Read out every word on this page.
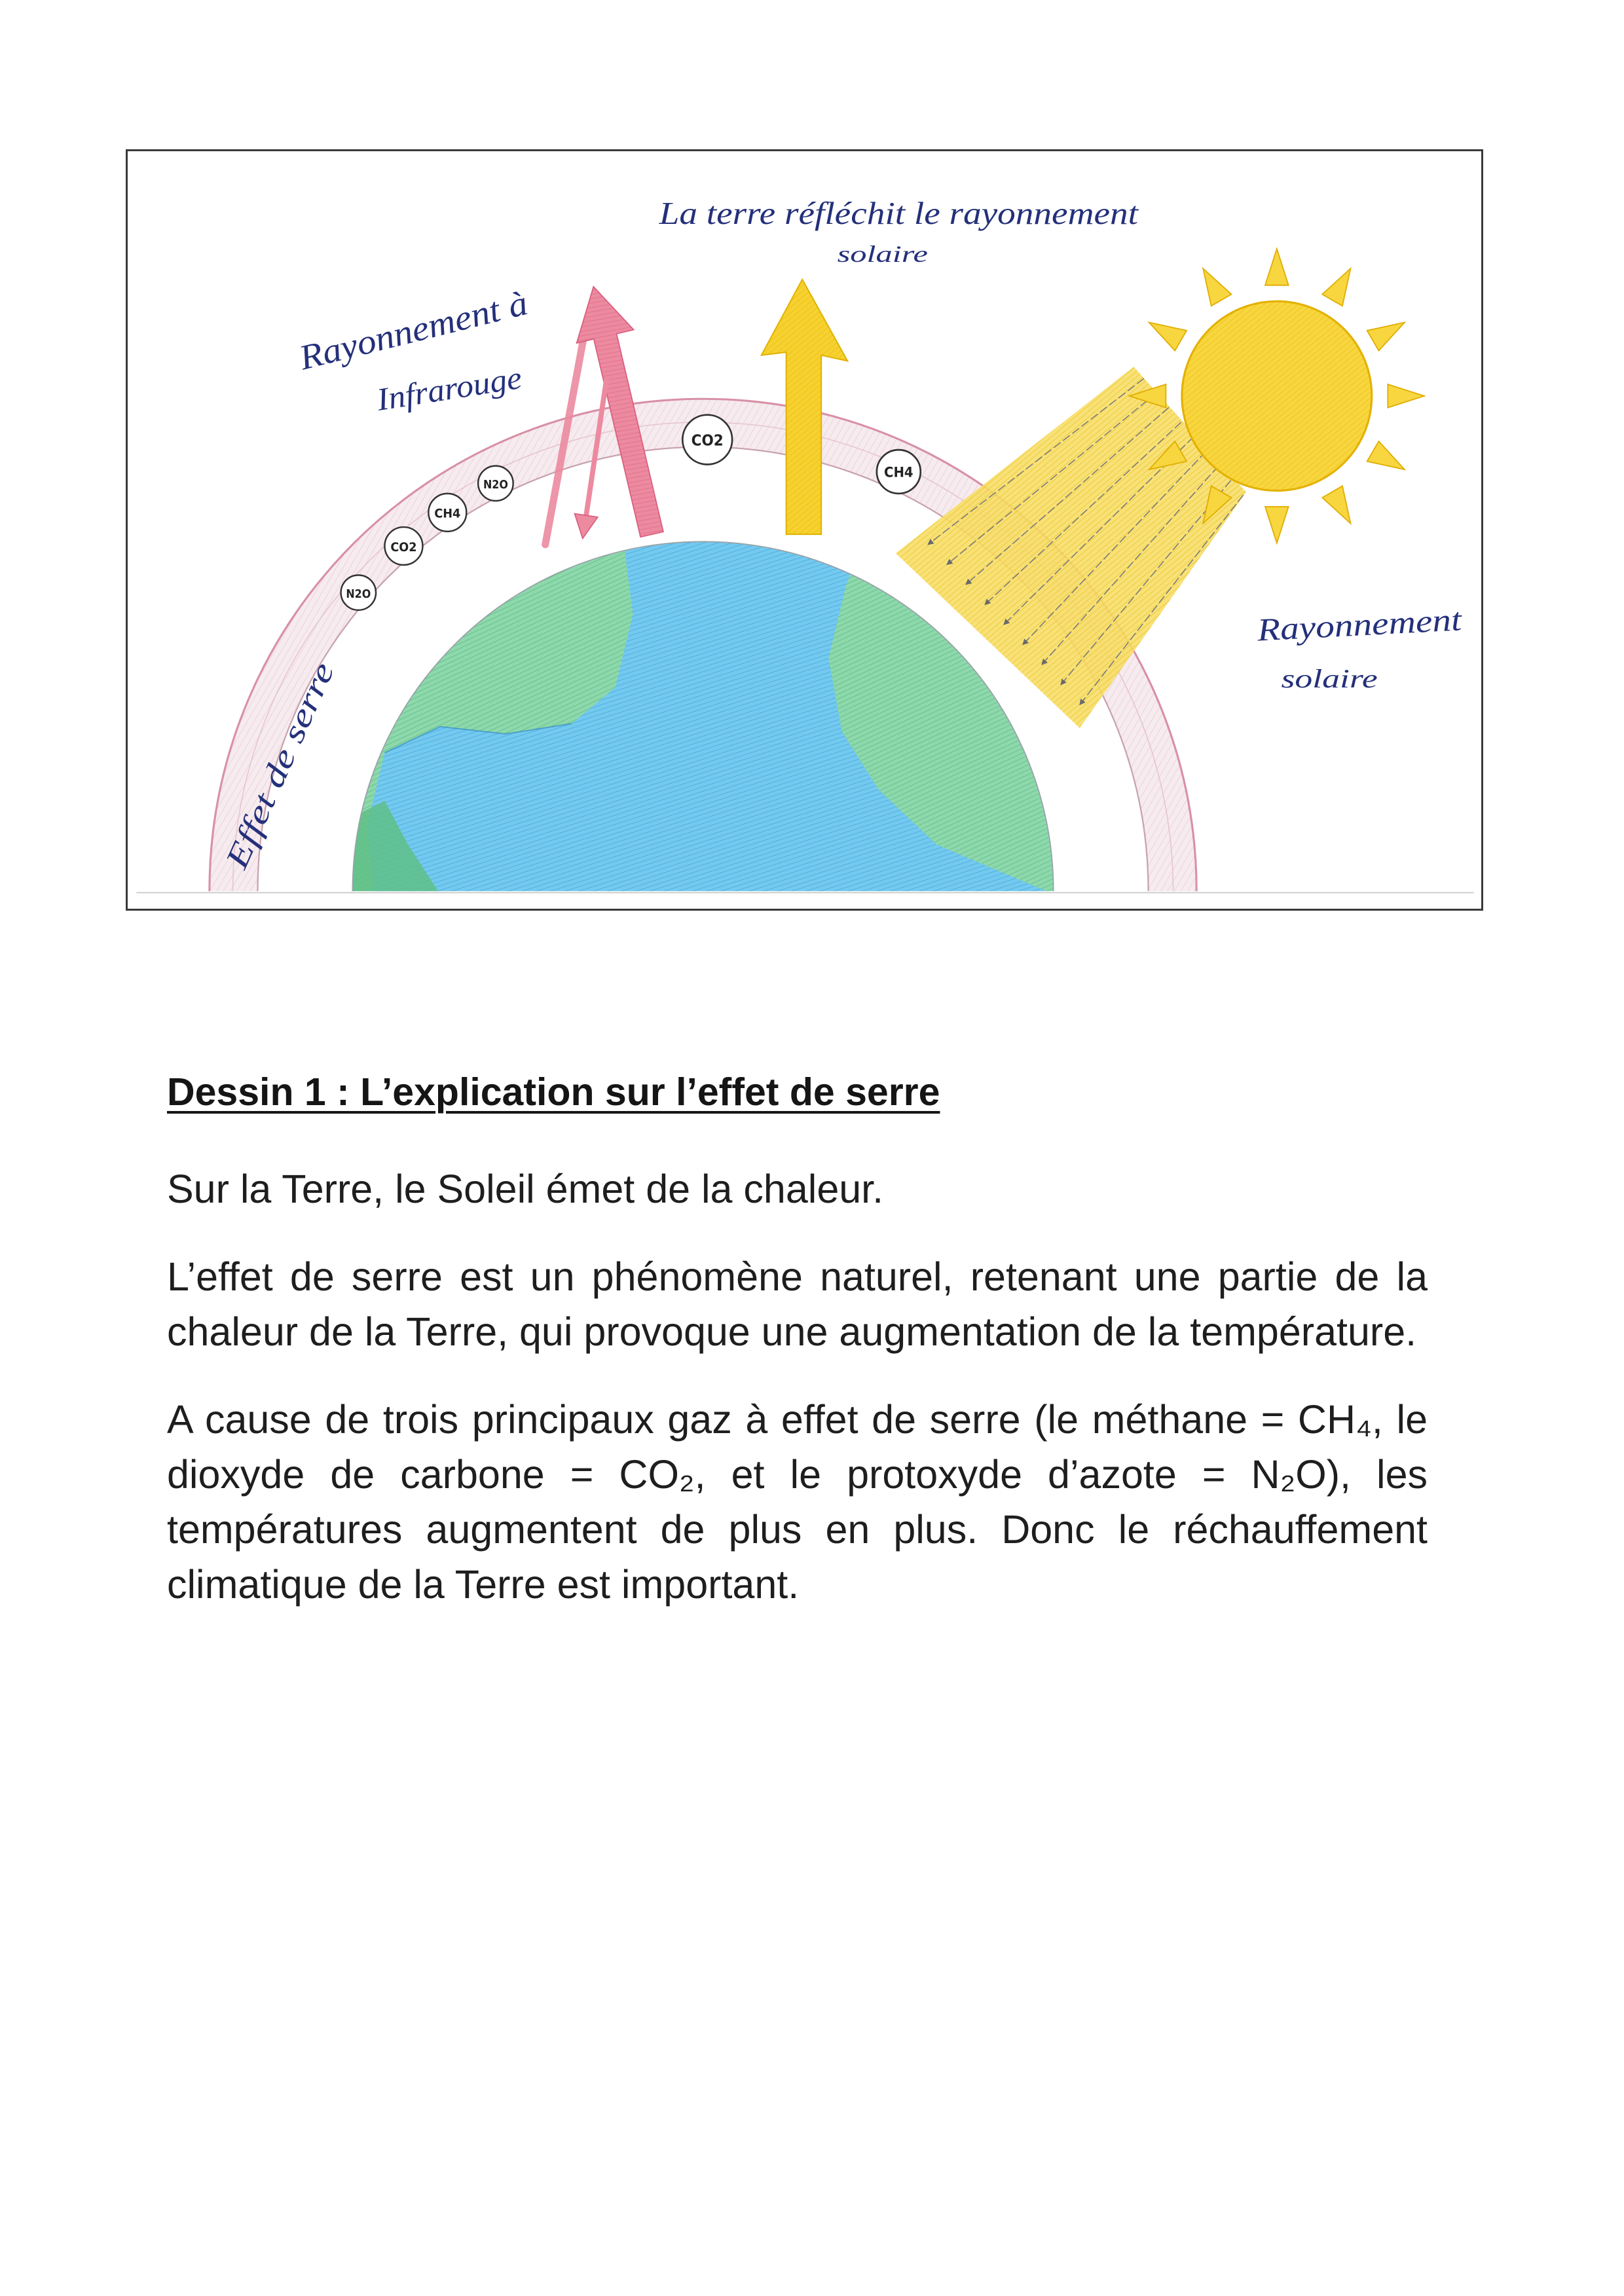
N2O
CO2
CH4
N2O
CO2
CH4
La terre réfléchit le rayonnement
solaire
Rayonnement à
Infrarouge
Rayonnement
solaire
Effet de serre
Dessin 1 : L’explication sur l’effet de serre

Sur la Terre, le Soleil émet de la chaleur.

L’effet de serre est un phénomène naturel, retenant une partie de la chaleur de la Terre, qui provoque une augmentation de la température.

A cause de trois principaux gaz à effet de serre (le méthane = CH₄, le dioxyde de carbone = CO₂, et le protoxyde d’azote = N₂O), les températures augmentent de plus en plus. Donc le réchauffement climatique de la Terre est important.
